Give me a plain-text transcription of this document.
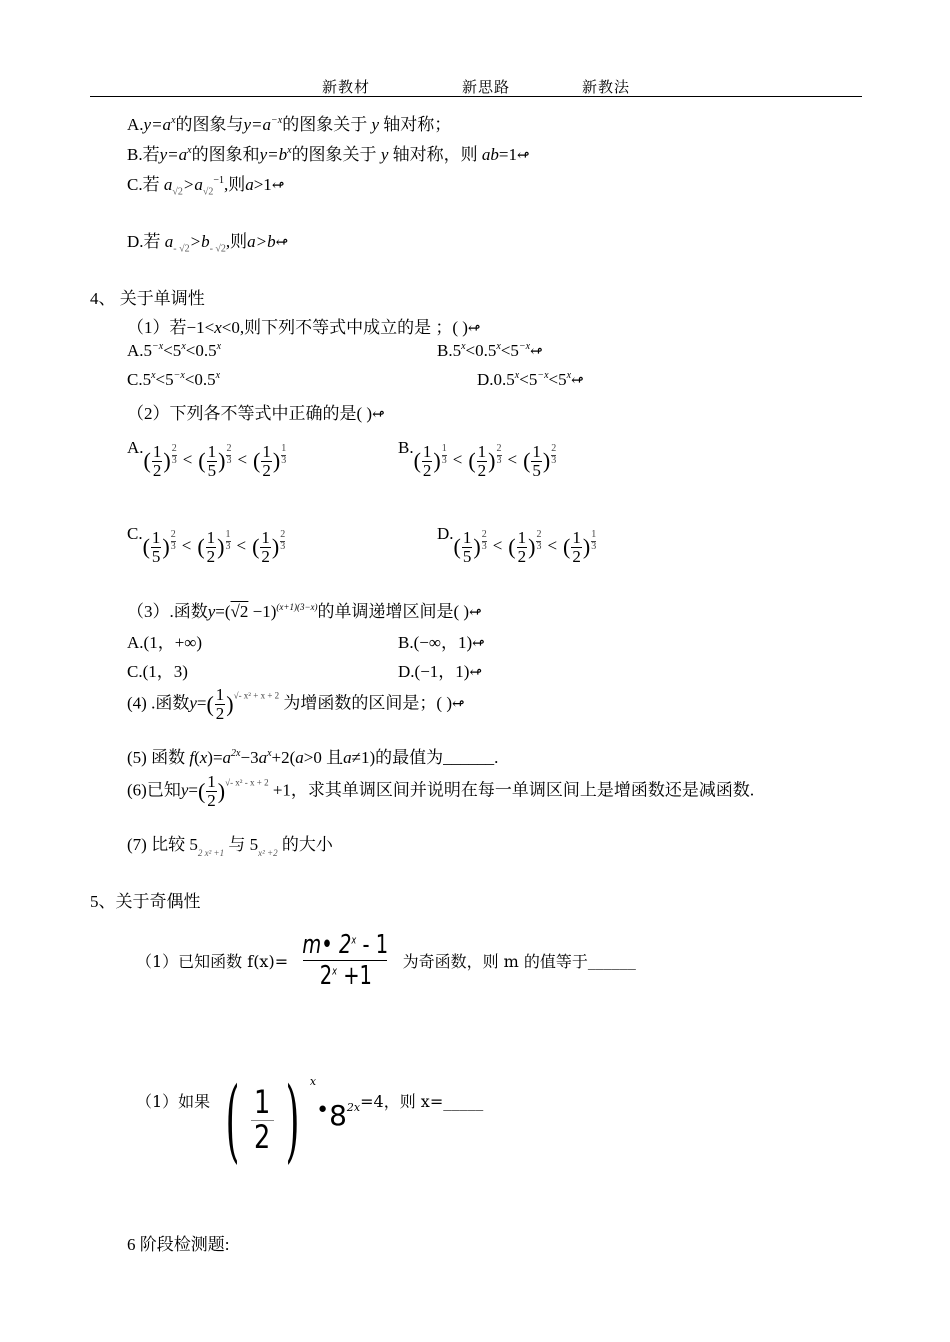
新教材	新思路	新教法
$A.y=a^x$的图象与$y=a^{-x}$的图象关于 y 轴对称；
B.若$y=a^x$的图象和$y=b^x$的图象关于 y 轴对称，则 ab=1↫
C.若 $a_{√2}>a_{√2}^{-1}$,则a>1↫
D.若 $a_{- √2}>b_{- √2}$,则a>b↫
4、 关于单调性
（1）若−1<x<0,则下列不等式中成立的是 ；( )↫
$A.5^{-x}<5^x<0.5^x$	$B.5^x<0.5^x<5^{-x}↫$
$C.5^x<5^{-x}<0.5^x$	$D.0.5^x<5^{-x}<5^x↫$
（2）下列各不等式中正确的是( )↫
$A.( \frac{1}{2}$ ) $\frac{2}{3}$ < ( $\frac{1}{5}$ ) $\frac{2}{3}$ < ( $\frac{1}{2}$ ) $\frac{1}{3}$	$B.( \frac{1}{2}$ ) $\frac{1}{3}$ < ( $\frac{1}{2}$ ) $\frac{2}{3}$ < ( $\frac{1}{5}$ ) $\frac{2}{3}$
$C.( \frac{1}{5}$ ) $\frac{2}{3}$ < ( $\frac{1}{2}$ ) $\frac{1}{3}$ < ( $\frac{1}{2}$ ) $\frac{2}{3}$	$D.( \frac{1}{5}$ ) $\frac{2}{3}$ < ( $\frac{1}{2}$ ) $\frac{2}{3}$ < ( $\frac{1}{2}$ ) $\frac{1}{3}$
（3）.函数$y=(√2 -1)^{(x+1)(3-x)}$的单调递增区间是( )↫
A.(1，+∞)	B.(−∞，1)↫
C.(1，3)	D.(−1，1)↫
(4) .函数$y=( \frac{1}{2} )^{√- x^2 + x + 2}$ 为增函数的区间是；( )↫
(5) 函数 $f(x)=a^{2x}-3a^x+2(a>0$ 且a≠1)的最值为______.
(6)已知$y=( \frac{1}{2} )^{√- x^2 - x + 2} +1$，求其单调区间并说明在每一单调区间上是增函数还是减函数.
(7) 比较 $5_{2 x^2 +1}$ 与 $5_{x^2 +2}$ 的大小
5、关于奇偶性
（1）已知函数 $f(x)= \frac{m• 2^x - 1}{2^x +1}$ 为奇函数，则 m 的值等于______
（1）如果 ( $\frac{1}{2}$ ) $^x•8^{2x}=4$，则 x=_____
6 阶段检测题:
